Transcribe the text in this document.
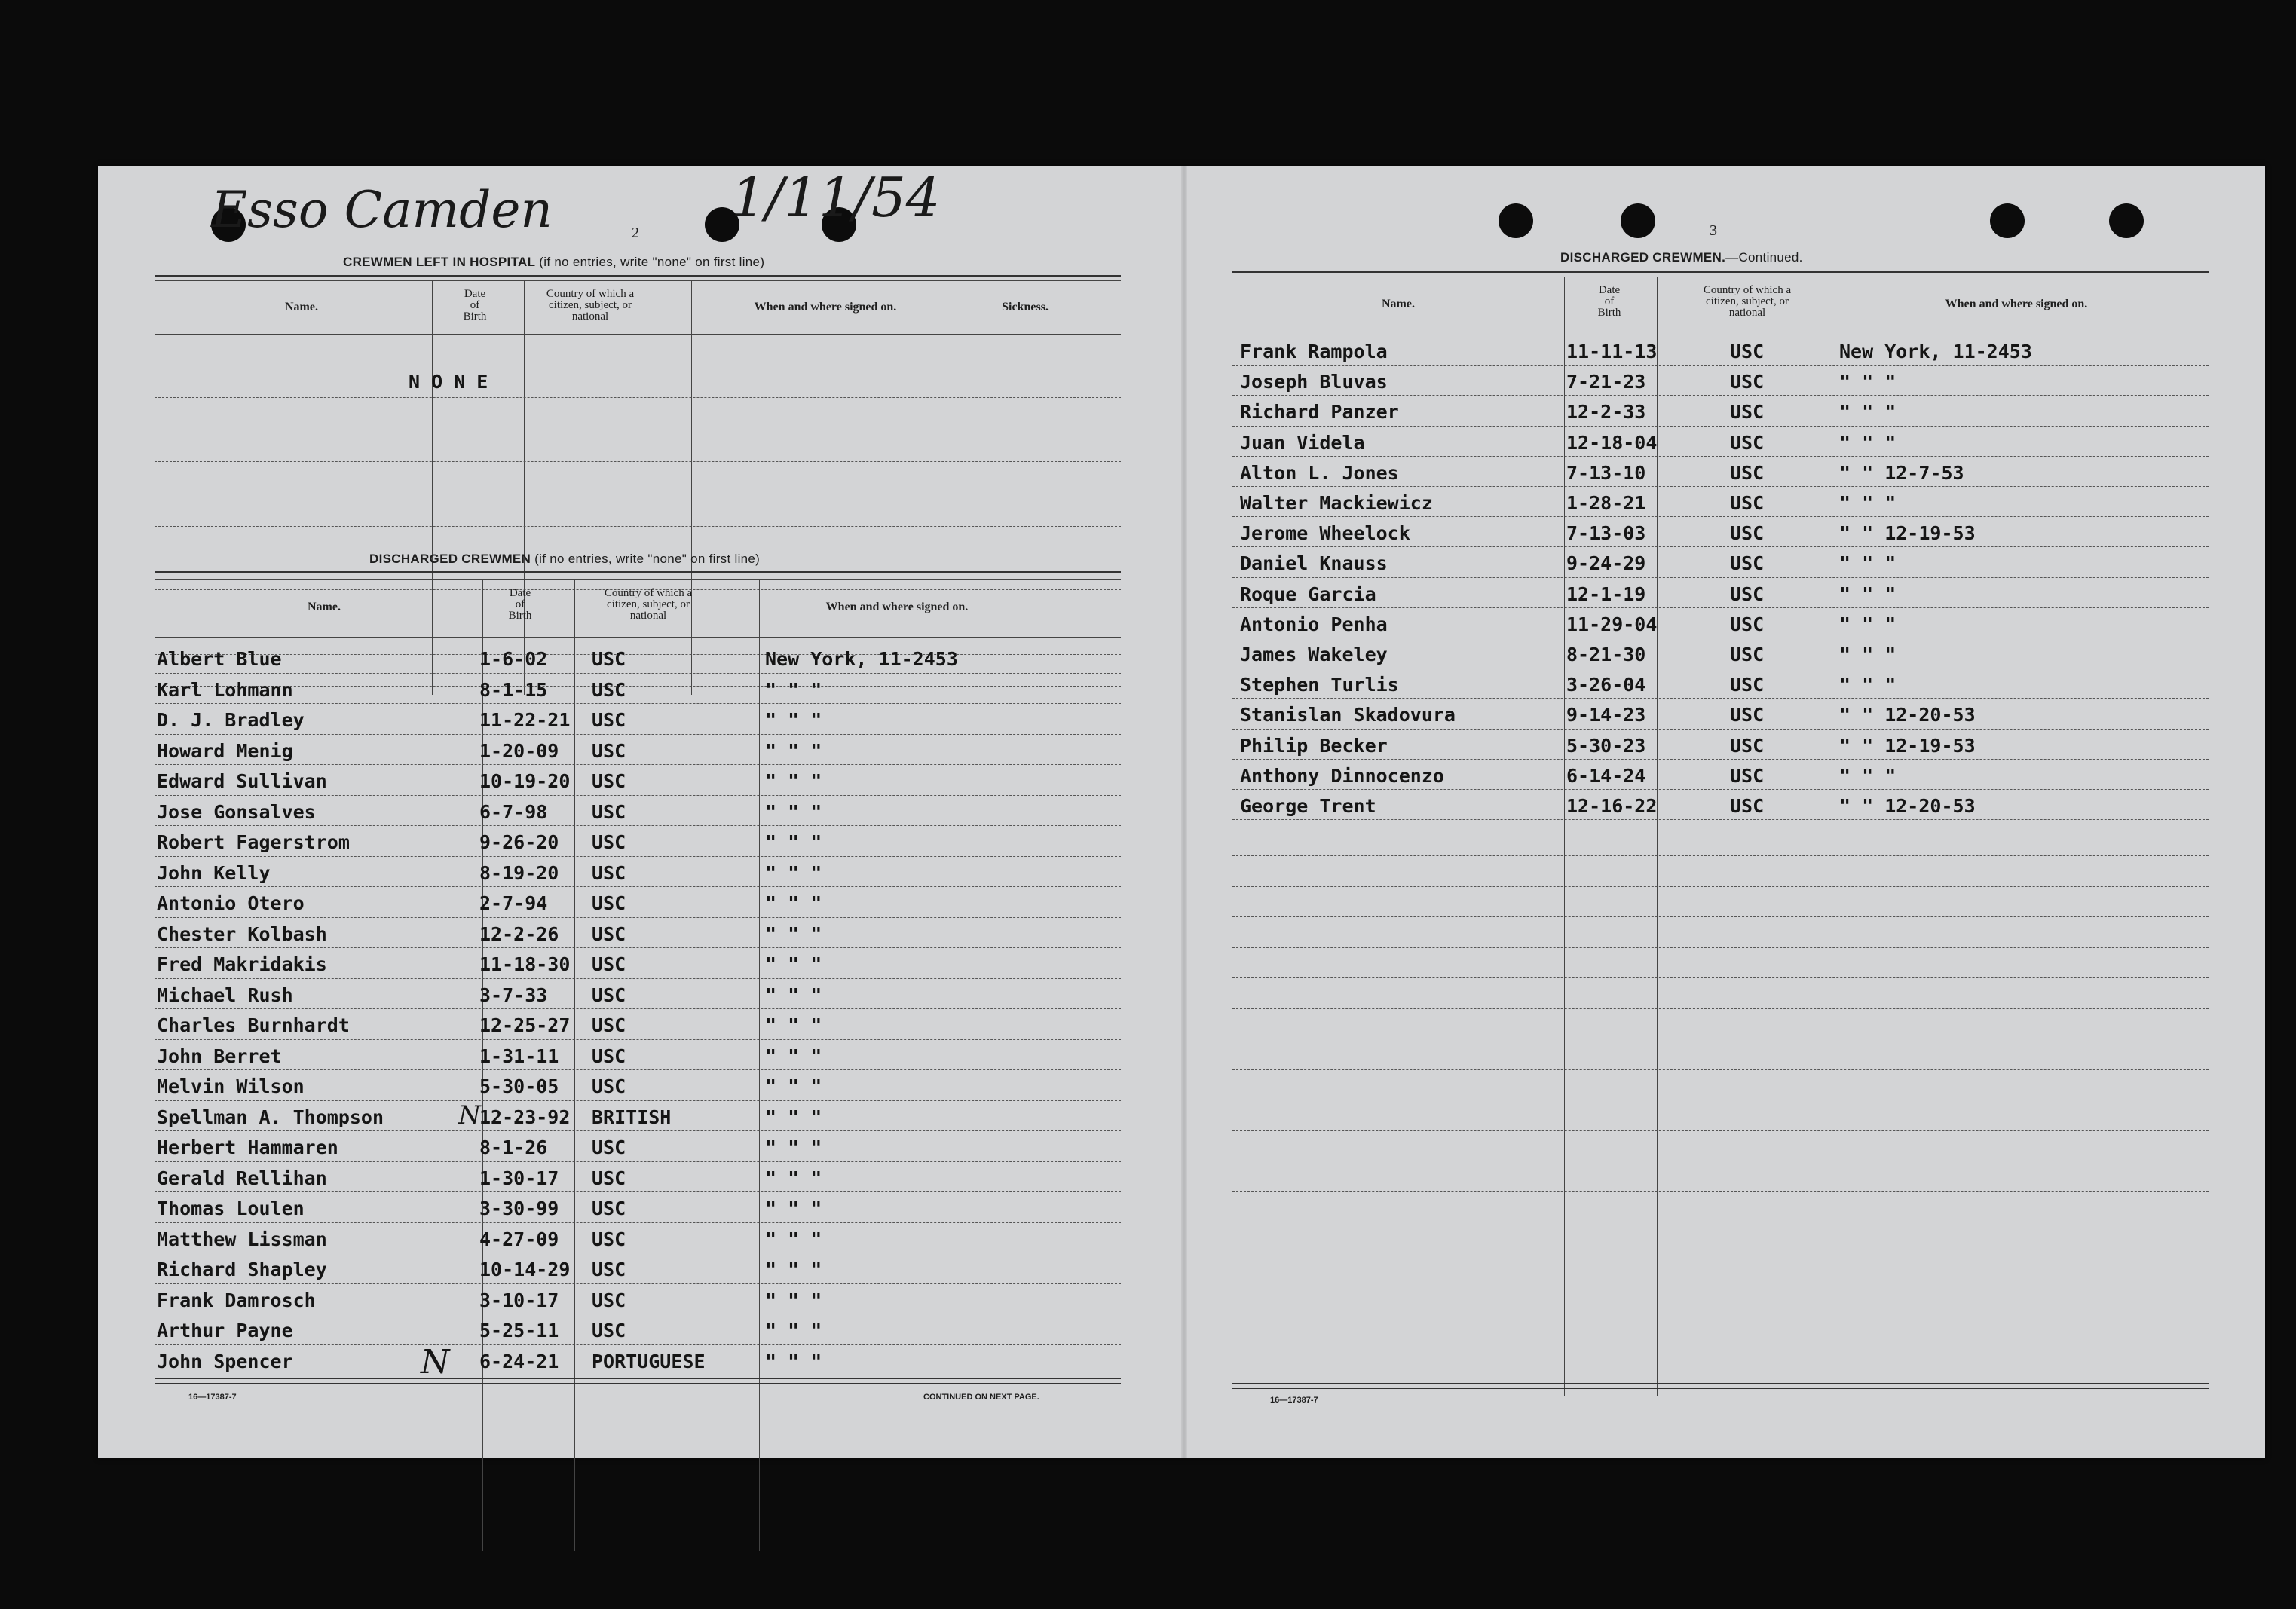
Esso Camden	1/11/54
2
CREWMEN LEFT IN HOSPITAL (if no entries, write "none" on first line)
Name.
Date
of
Birth
Country of which a
citizen, subject, or
national
When and where signed on.	Sickness.
N O N E
DISCHARGED CREWMEN (if no entries, write "none" on first line)
Name.
Date
of
Birth
Country of which a
citizen, subject, or
national
When and where signed on.
Albert Blue	1-6-02 USC	New York, 11-2453
Karl Lohmann	8-1-15 USC	" " "
D. J. Bradley	11-22-21 USC	" " "
Howard Menig	1-20-09 USC	" " "
Edward Sullivan	10-19-20 USC	" " "
Jose Gonsalves	6-7-98 USC	" " "
Robert Fagerstrom	9-26-20 USC	" " "
John Kelly	8-19-20 USC	" " "
Antonio Otero	2-7-94 USC	" " "
Chester Kolbash	12-2-26 USC	" " "
Fred Makridakis	11-18-30 USC	" " "
Michael Rush	3-7-33 USC	" " "
Charles Burnhardt	12-25-27 USC	" " "
John Berret	1-31-11 USC	" " "
Melvin Wilson	5-30-05 USC	" " "
Spellman A. Thompson	12-23-92 BRITISH	" " "
Herbert Hammaren	8-1-26 USC	" " "
Gerald Rellihan	1-30-17 USC	" " "
Thomas Loulen	3-30-99 USC	" " "
Matthew Lissman	4-27-09 USC	" " "
Richard Shapley	10-14-29 USC	" " "
Frank Damrosch	3-10-17 USC	" " "
Arthur Payne	5-25-11 USC	" " "
John Spencer	6-24-21 PORTUGUESE	" " "
N
N
16—17387-7	CONTINUED ON NEXT PAGE.
3
DISCHARGED CREWMEN.—Continued.
Name.
Date
of
Birth
Country of which a
citizen, subject, or
national
When and where signed on.
Frank Rampola	11-11-13	USC	New York, 11-2453
Joseph Bluvas	7-21-23	USC	" " "
Richard Panzer	12-2-33	USC	" " "
Juan Videla	12-18-04	USC	" " "
Alton L. Jones	7-13-10	USC	" " 12-7-53
Walter Mackiewicz	1-28-21	USC	" " "
Jerome Wheelock	7-13-03	USC	" " 12-19-53
Daniel Knauss	9-24-29	USC	" " "
Roque Garcia	12-1-19	USC	" " "
Antonio Penha	11-29-04	USC	" " "
James Wakeley	8-21-30	USC	" " "
Stephen Turlis	3-26-04	USC	" " "
Stanislan Skadovura	9-14-23	USC	" " 12-20-53
Philip Becker	5-30-23	USC	" " 12-19-53
Anthony Dinnocenzo	6-14-24	USC	" " "
George Trent	12-16-22	USC	" " 12-20-53
16—17387-7
